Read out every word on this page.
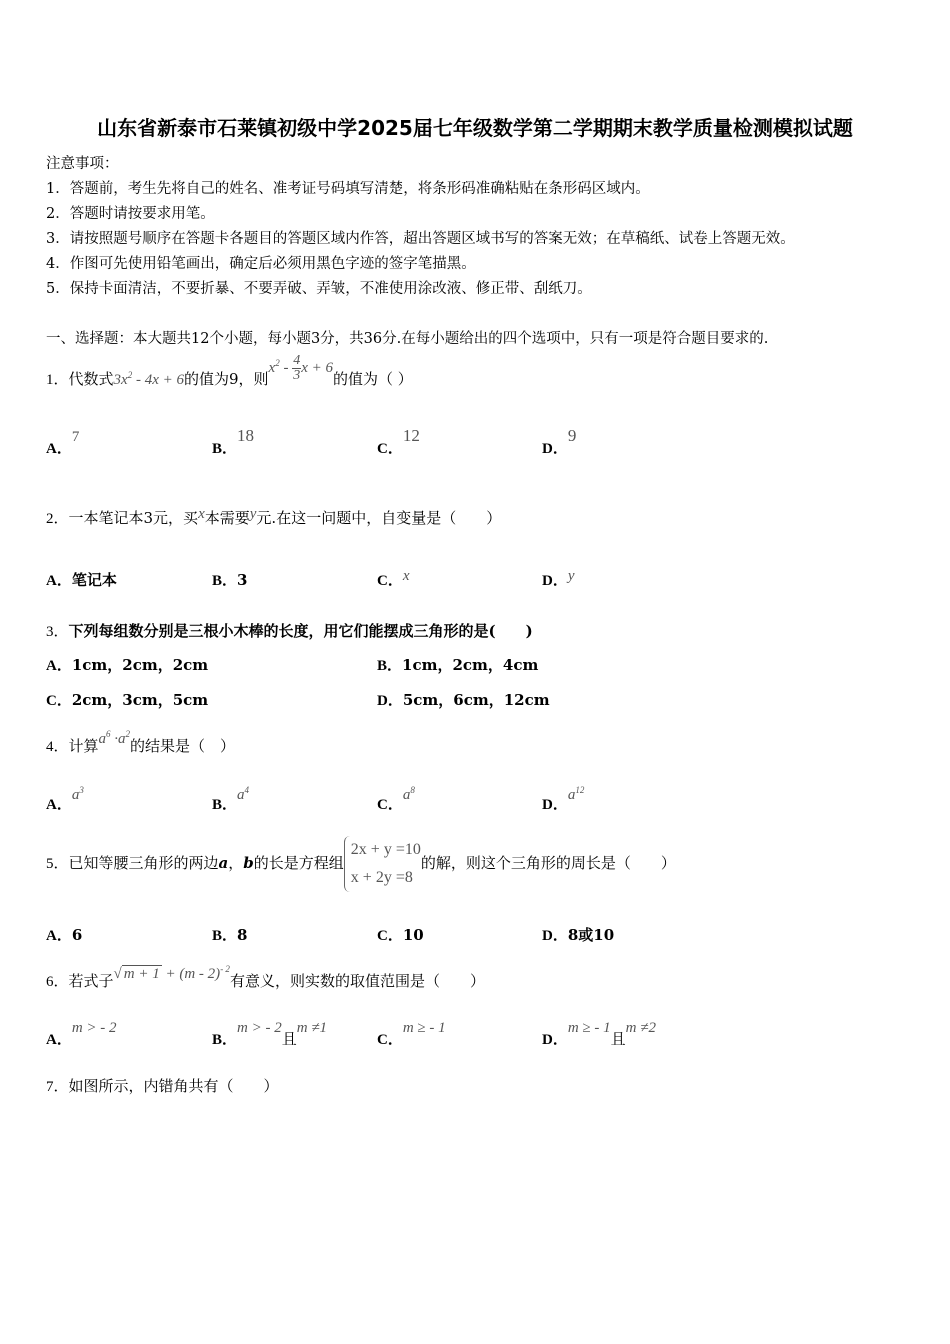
山东省新泰市石莱镇初级中学2025届七年级数学第二学期期末教学质量检测模拟试题
注意事项：
1．答题前，考生先将自己的姓名、准考证号码填写清楚，将条形码准确粘贴在条形码区域内。
2．答题时请按要求用笔。
3．请按照题号顺序在答题卡各题目的答题区域内作答，超出答题区域书写的答案无效；在草稿纸、试卷上答题无效。
4．作图可先使用铅笔画出，确定后必须用黑色字迹的签字笔描黑。
5．保持卡面清洁，不要折暴、不要弄破、弄皱，不准使用涂改液、修正带、刮纸刀。
一、选择题：本大题共12个小题，每小题3分，共36分.在每小题给出的四个选项中，只有一项是符合题目要求的.
1．代数式$3x^2 - 4x + 6$的值为9，则$x^2 - \frac{4}{3}$ x + 6的值为（ ）
A．7
B．18
C．12
D．9
2．一本笔记本3元，买x本需要y元.在这一问题中，自变量是（　　）
A．笔记本	B．3	C．x	D．y
3．下列每组数分别是三根小木棒的长度，用它们能摆成三角形的是(　　)
A．1cm，2cm，2cm	B．1cm，2cm，4cm
C．2cm，3cm，5cm	D．5cm，6cm，12cm
4．计算$a^6 \cdot a^2$的结果是（　）
A．$a^3$
B．$a^4$
C．$a^8$
D．$a^{12}$
5．已知等腰三角形的两边a，b的长是方程组
2x + y =10
x + 2y =8
的解，则这个三角形的周长是（　　）
A．6	B．8	C．10	D．8或10
6．若式子√ m + 1 + (m - 2)$^{- 2}$有意义，则实数的取值范围是（　　）
A．m > - 2
B．m > - 2且m ≠1
C．m ≥ - 1
D．m ≥ - 1且m ≠2
7．如图所示，内错角共有（　　）
